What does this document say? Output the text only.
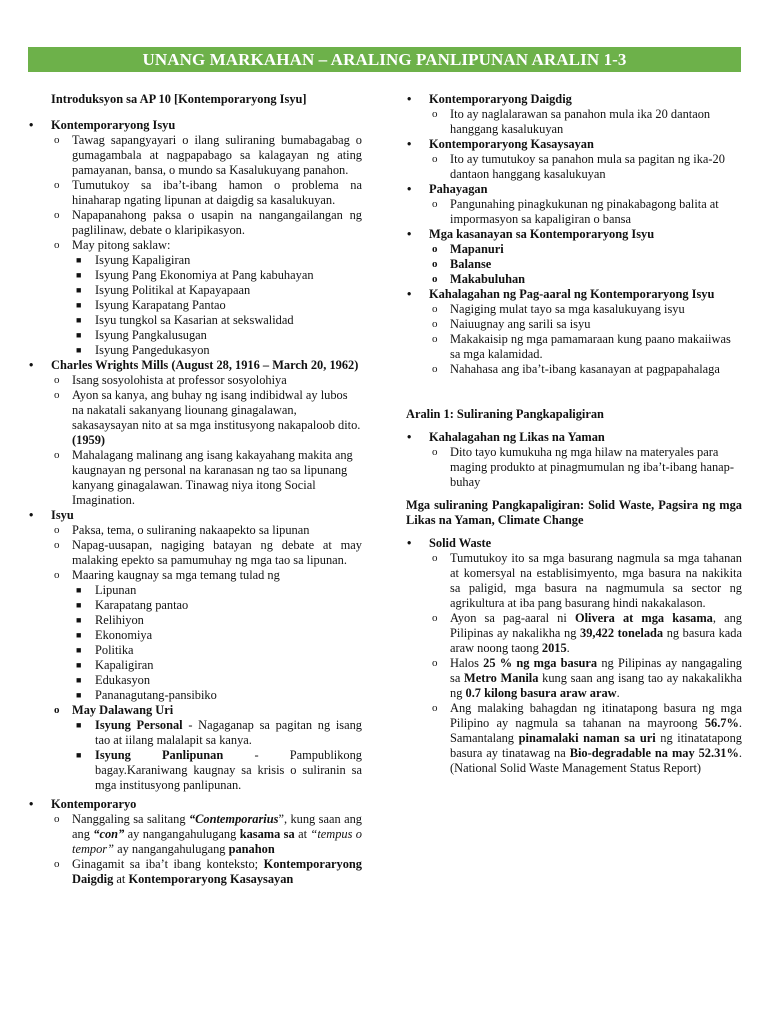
UNANG MARKAHAN – ARALING PANLIPUNAN ARALIN 1-3
Introduksyon sa AP 10 [Kontemporaryong Isyu]
• Kontemporaryong Isyu
o Tawag sapangyayari o ilang suliraning bumabagabag o gumagambala at nagpapabago sa kalagayan ng ating pamayanan, bansa, o mundo sa Kasalukuyang panahon.
o Tumutukoy sa iba’t-ibang hamon o problema na hinaharap ngating lipunan at daigdig sa kasalukuyan.
o Napapanahong paksa o usapin na nangangailangan ng paglilinaw, debate o klaripikasyon.
o May pitong saklaw:
■ Isyung Kapaligiran
■ Isyung Pang Ekonomiya at Pang kabuhayan
■ Isyung Politikal at Kapayapaan
■ Isyung Karapatang Pantao
■ Isyu tungkol sa Kasarian at sekswalidad
■ Isyung Pangkalusugan
■ Isyung Pangedukasyon
• Charles Wrights Mills (August 28, 1916 – March 20, 1962)
o Isang sosyolohista at professor sosyolohiya
o Ayon sa kanya, ang buhay ng isang indibidwal ay lubos na nakatali sakanyang liounang ginagalawan, sakasaysayan nito at sa mga institusyong nakapaloob dito. (1959)
o Mahalagang malinang ang isang kakayahang makita ang kaugnayan ng personal na karanasan ng tao sa lipunang kanyang ginagalawan. Tinawag niya itong Social Imagination.
• Isyu
o Paksa, tema, o suliraning nakaapekto sa lipunan
o Napag-uusapan, nagiging batayan ng debate at may malaking epekto sa pamumuhay ng mga tao sa lipunan.
o Maaring kaugnay sa mga temang tulad ng
■ Lipunan
■ Karapatang pantao
■ Relihiyon
■ Ekonomiya
■ Politika
■ Kapaligiran
■ Edukasyon
■ Pananagutang-pansibiko
o May Dalawang Uri
■ Isyung Personal - Nagaganap sa pagitan ng isang tao at iilang malalapit sa kanya.
■ Isyung Panlipunan	- Pampublikong bagay.Karaniwang kaugnay sa krisis o suliranin sa mga institusyong panlipunan.
• Kontemporaryo
o Nanggaling sa salitang “Contemporarius”, kung saan ang ang “con” ay nangangahulugang kasama sa at “tempus o tempor” ay nangangahulugang panahon
o Ginagamit sa iba’t ibang konteksto; Kontemporaryong Daigdig at Kontemporaryong Kasaysayan
• Kontemporaryong Daigdig
o Ito ay naglalarawan sa panahon mula ika 20 dantaon hanggang kasalukuyan
• Kontemporaryong Kasaysayan
o Ito ay tumutukoy sa panahon mula sa pagitan ng ika-20 dantaon hanggang kasalukuyan
• Pahayagan
o Pangunahing pinagkukunan ng pinakabagong balita at impormasyon sa kapaligiran o bansa
• Mga kasanayan sa Kontemporaryong Isyu
o Mapanuri
o Balanse
o Makabuluhan
• Kahalagahan ng Pag-aaral ng Kontemporaryong Isyu
o Nagiging mulat tayo sa mga kasalukuyang isyu
o Naiuugnay ang sarili sa isyu
o Makakaisip ng mga pamamaraan kung paano makaiiwas sa mga kalamidad.
o Nahahasa ang iba’t-ibang kasanayan at pagpapahalaga
Aralin 1: Suliraning Pangkapaligiran
• Kahalagahan ng Likas na Yaman
o Dito tayo kumukuha ng mga hilaw na materyales para maging produkto at pinagmumulan ng iba’t-ibang hanap-buhay
Mga suliraning Pangkapaligiran: Solid Waste, Pagsira ng mga Likas na Yaman, Climate Change
• Solid Waste
o Tumutukoy ito sa mga basurang nagmula sa mga tahanan at komersyal na establisimyento, mga basura na nakikita sa paligid, mga basura na nagmumula sa sector ng agrikultura at iba pang basurang hindi nakakalason.
o Ayon sa pag-aaral ni Olivera at mga kasama, ang Pilipinas ay nakalikha ng 39,422 tonelada ng basura kada araw noong taong 2015.
o Halos 25 % ng mga basura ng Pilipinas ay nangagaling sa Metro Manila kung saan ang isang tao ay nakakalikha ng 0.7 kilong basura araw araw.
o Ang malaking bahagdan ng itinatapong basura ng mga Pilipino ay nagmula sa tahanan na mayroong 56.7%. Samantalang pinamalaki naman sa uri ng itinatatapong basura ay tinatawag na Bio-degradable na may 52.31%. (National Solid Waste Management Status Report)
